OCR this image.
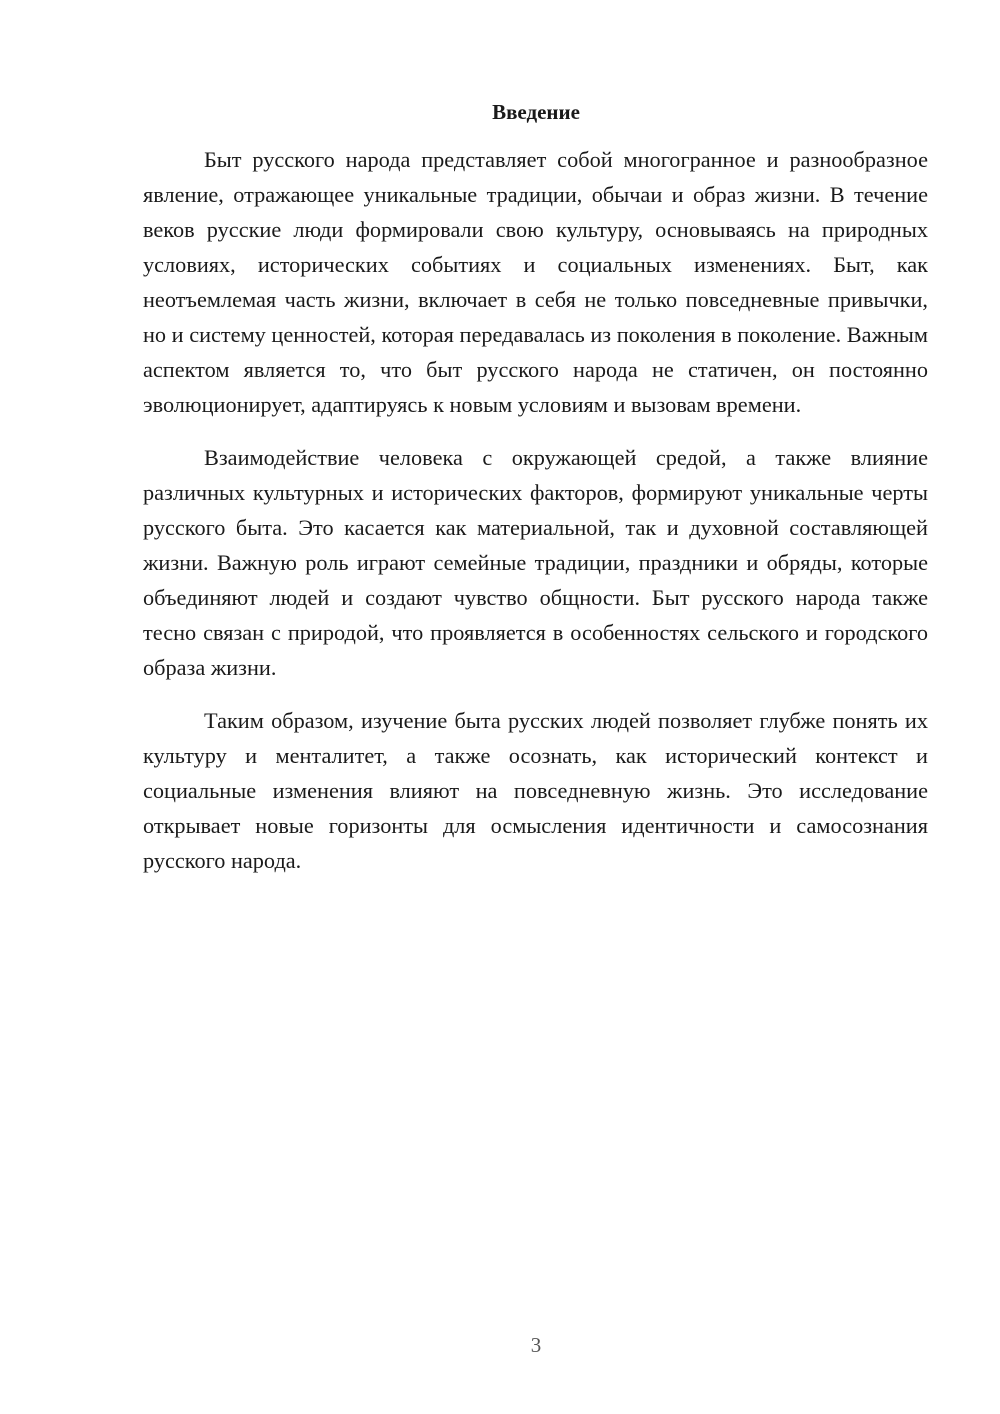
Введение

Быт русского народа представляет собой многогранное и разнообразное явление, отражающее уникальные традиции, обычаи и образ жизни. В течение веков русские люди формировали свою культуру, основываясь на природных условиях, исторических событиях и социальных изменениях. Быт, как неотъемлемая часть жизни, включает в себя не только повседневные привычки, но и систему ценностей, которая передавалась из поколения в поколение. Важным аспектом является то, что быт русского народа не статичен, он постоянно эволюционирует, адаптируясь к новым условиям и вызовам времени.

Взаимодействие человека с окружающей средой, а также влияние различных культурных и исторических факторов, формируют уникальные черты русского быта. Это касается как материальной, так и духовной составляющей жизни. Важную роль играют семейные традиции, праздники и обряды, которые объединяют людей и создают чувство общности. Быт русского народа также тесно связан с природой, что проявляется в особенностях сельского и городского образа жизни.

Таким образом, изучение быта русских людей позволяет глубже понять их культуру и менталитет, а также осознать, как исторический контекст и социальные изменения влияют на повседневную жизнь. Это исследование открывает новые горизонты для осмысления идентичности и самосознания русского народа.

3
